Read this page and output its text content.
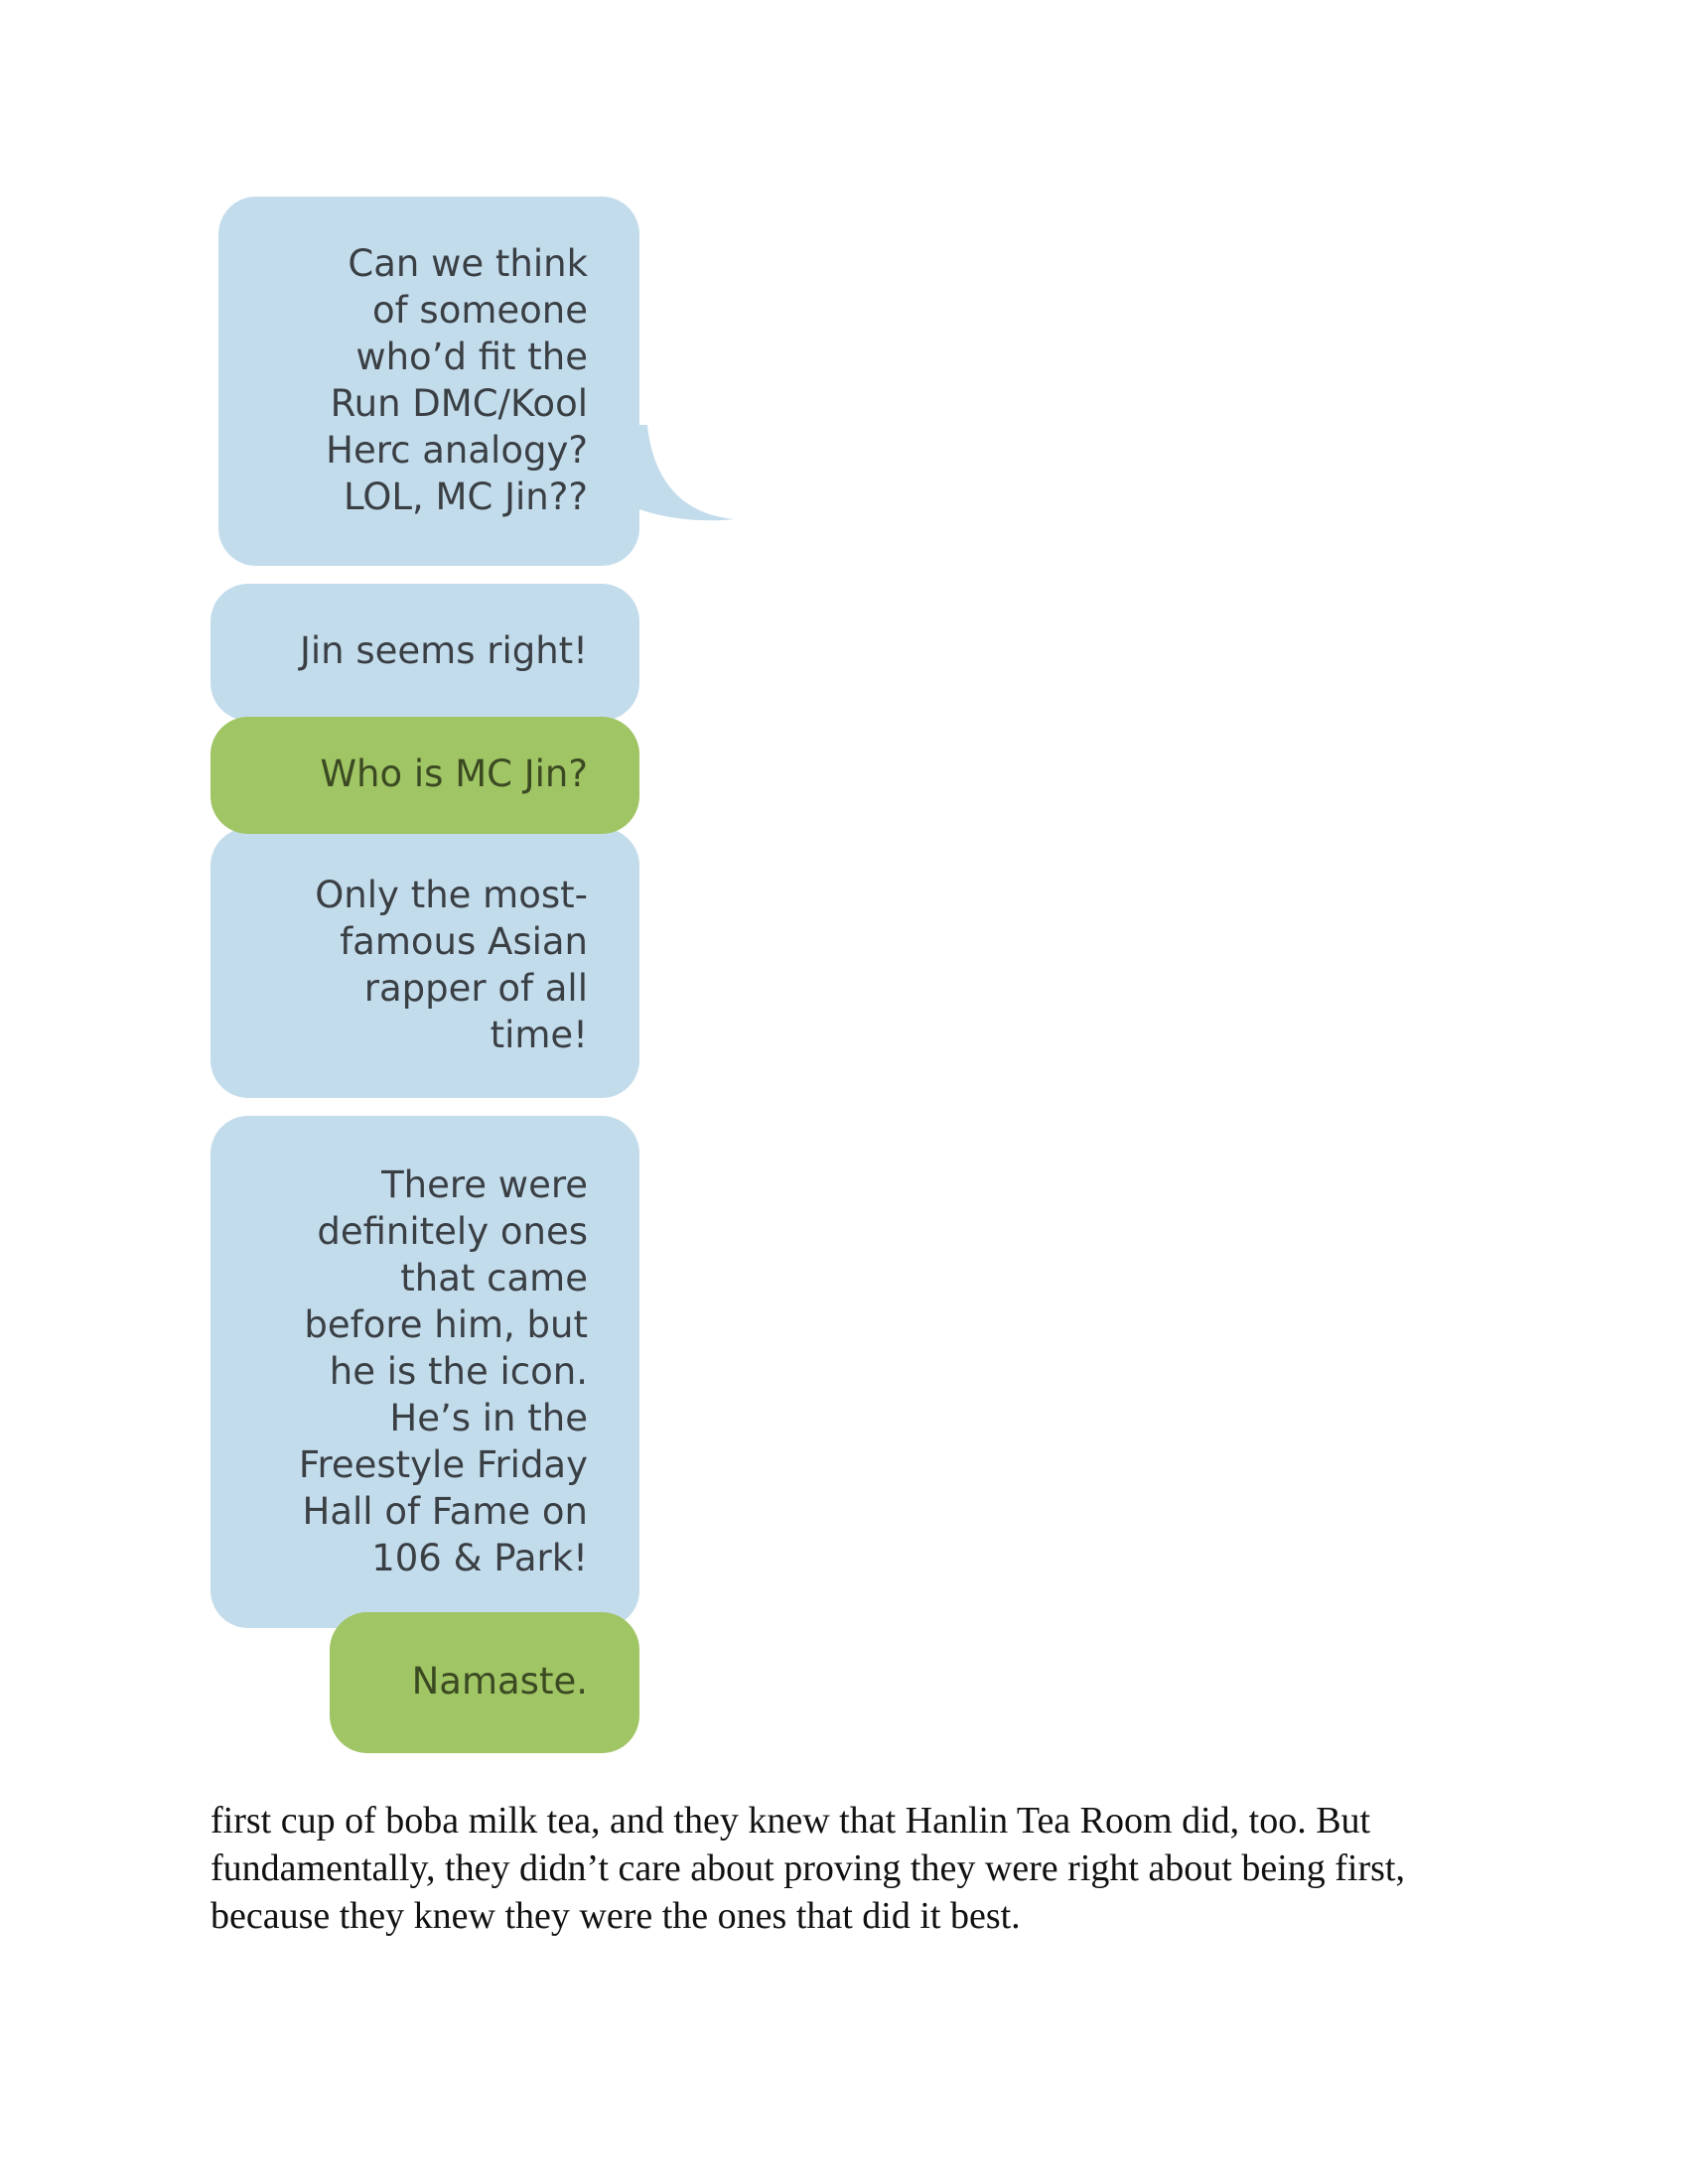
Can we think
of someone
who’d fit the
Run DMC/Kool
Herc analogy?
LOL, MC Jin??
Jin seems right!
Only the most-
famous Asian
rapper of all
time!
Who is MC Jin?
There were
definitely ones
that came
before him, but
he is the icon.
He’s in the
Freestyle Friday
Hall of Fame on
106 & Park!
Namaste.

first cup of boba milk tea, and they knew that Hanlin Tea Room did, too. But fundamentally, they didn’t care about proving they were right about being first, because they knew they were the ones that did it best.
